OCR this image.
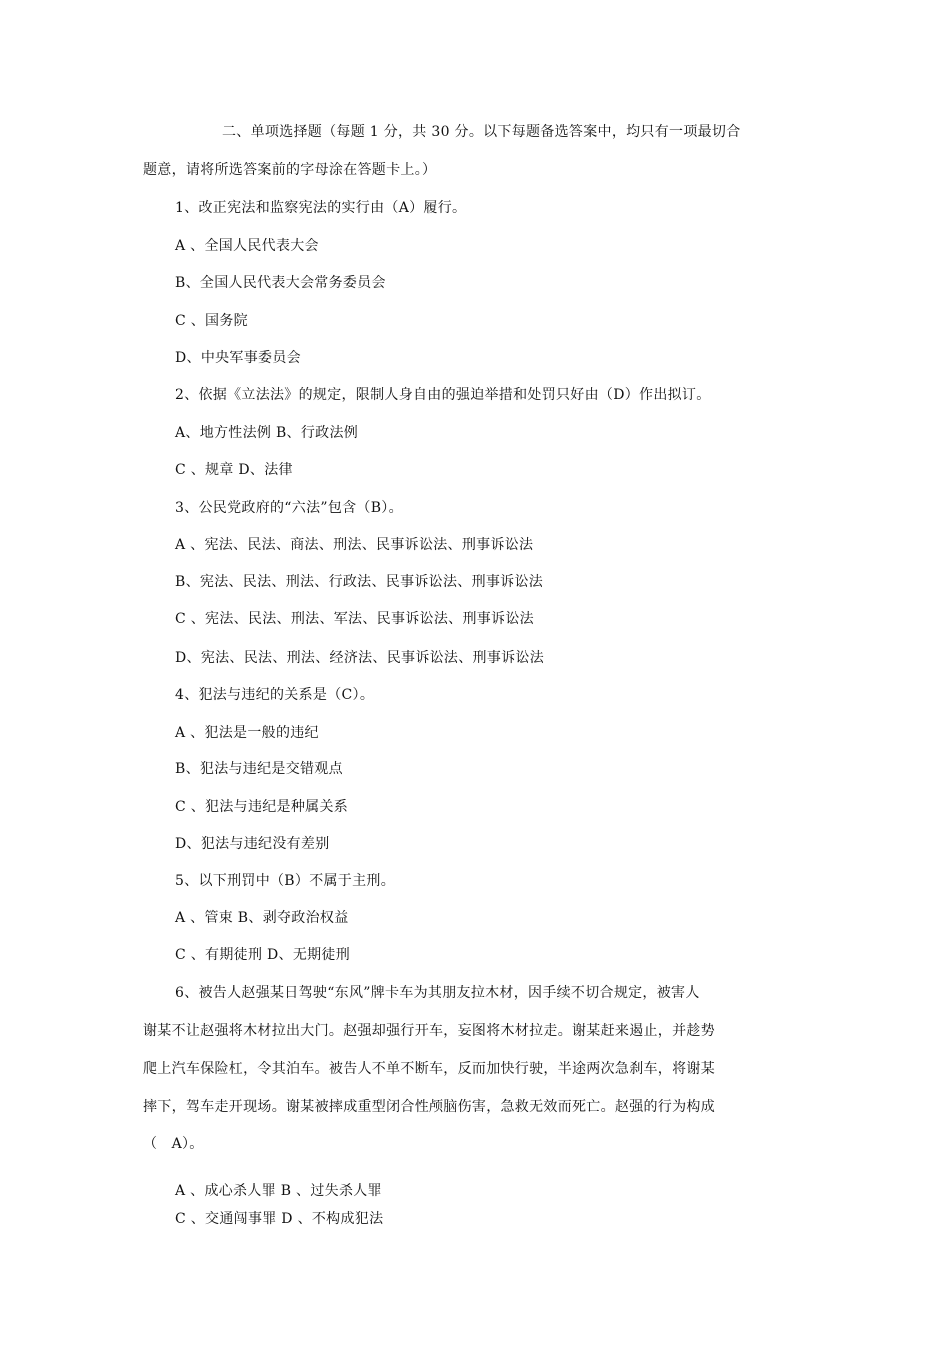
二、单项选择题（每题 1 分，共 30 分。以下每题备选答案中，均只有一项最切合
题意，请将所选答案前的字母涂在答题卡上。）
1、改正宪法和监察宪法的实行由（A）履行。
A 、全国人民代表大会
B、全国人民代表大会常务委员会
C 、国务院
D、中央军事委员会
2、依据《立法法》的规定，限制人身自由的强迫举措和处罚只好由（D）作出拟订。
A、地方性法例 B、行政法例
C 、规章 D、法律
3、公民党政府的“六法”包含（B）。
A 、宪法、民法、商法、刑法、民事诉讼法、刑事诉讼法
B、宪法、民法、刑法、行政法、民事诉讼法、刑事诉讼法
C 、宪法、民法、刑法、军法、民事诉讼法、刑事诉讼法
D、宪法、民法、刑法、经济法、民事诉讼法、刑事诉讼法
4、犯法与违纪的关系是（C）。
A 、犯法是一般的违纪
B、犯法与违纪是交错观点
C 、犯法与违纪是种属关系
D、犯法与违纪没有差别
5、以下刑罚中（B）不属于主刑。
A 、管束 B、剥夺政治权益
C 、有期徒刑 D、无期徒刑
6、被告人赵强某日驾驶“东风”牌卡车为其朋友拉木材，因手续不切合规定，被害人
谢某不让赵强将木材拉出大门。赵强却强行开车，妄图将木材拉走。谢某赶来遏止，并趁势
爬上汽车保险杠，令其泊车。被告人不单不断车，反而加快行驶，半途两次急刹车，将谢某
摔下，驾车走开现场。谢某被摔成重型闭合性颅脑伤害，急救无效而死亡。赵强的行为构成
（　A）。
A 、成心杀人罪 B 、过失杀人罪
C 、交通闯事罪 D 、不构成犯法
